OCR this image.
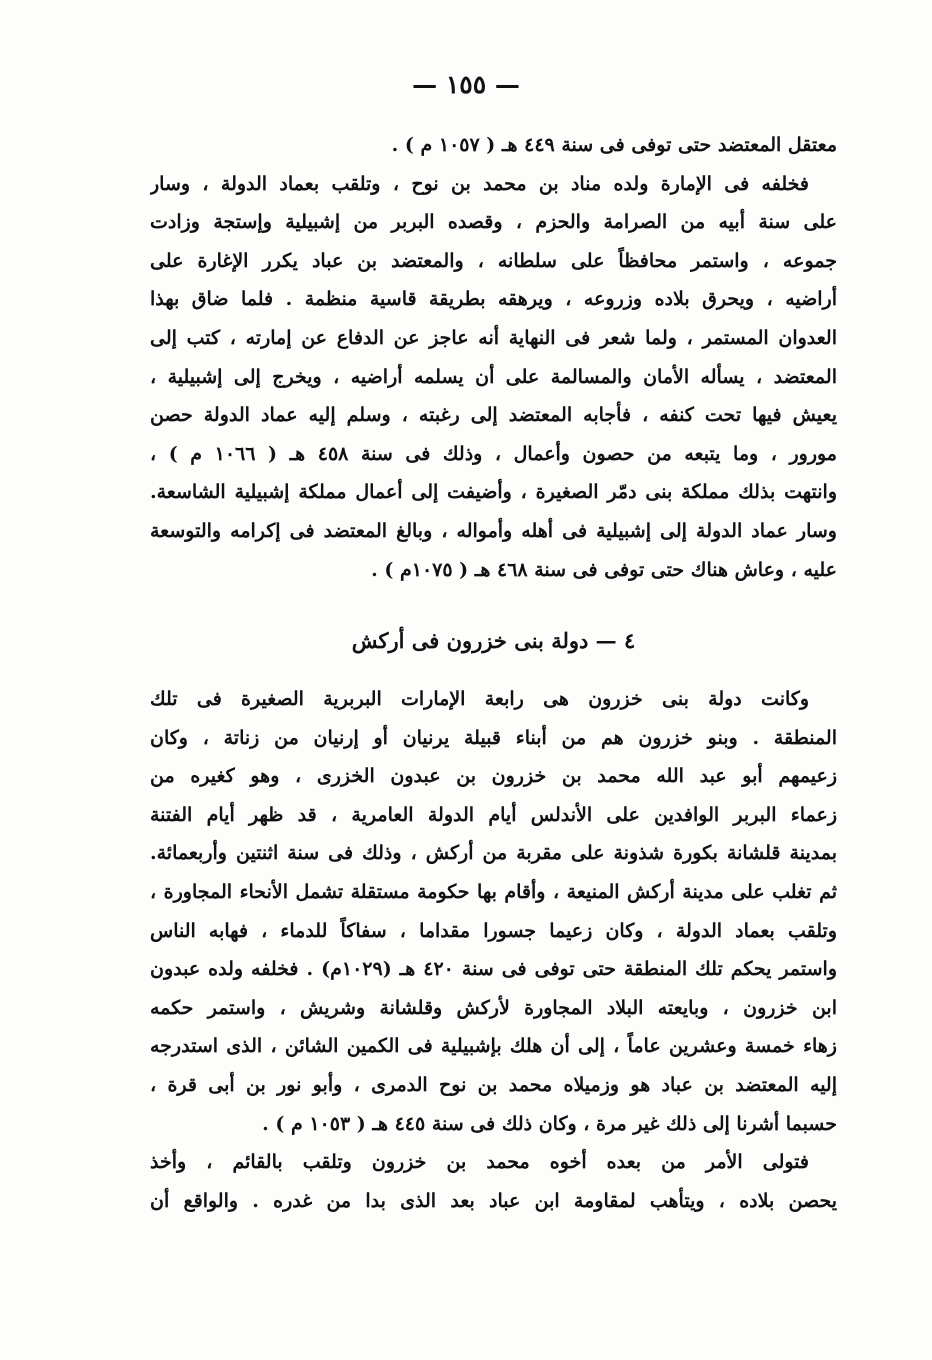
— ١٥٥ —
معتقل المعتضد حتى توفى فى سنة ٤٤٩ هـ ( ١٠٥٧ م ) .
فخلفه فى الإمارة ولده مناد بن محمد بن نوح ، وتلقب بعماد الدولة ، وسار
على سنة أبيه من الصرامة والحزم ، وقصده البربر من إشبيلية وإستجة وزادت
جموعه ، واستمر محافظاً على سلطانه ، والمعتضد بن عباد يكرر الإغارة على
أراضيه ، ويحرق بلاده وزروعه ، ويرهقه بطريقة قاسية منظمة . فلما ضاق بهذا
العدوان المستمر ، ولما شعر فى النهاية أنه عاجز عن الدفاع عن إمارته ، كتب إلى
المعتضد ، يسأله الأمان والمسالمة على أن يسلمه أراضيه ، ويخرج إلى إشبيلية ،
يعيش فيها تحت كنفه ، فأجابه المعتضد إلى رغبته ، وسلم إليه عماد الدولة حصن
مورور ، وما يتبعه من حصون وأعمال ، وذلك فى سنة ٤٥٨ هـ ( ١٠٦٦ م ) ،
وانتهت بذلك مملكة بنى دمّر الصغيرة ، وأضيفت إلى أعمال مملكة إشبيلية الشاسعة.
وسار عماد الدولة إلى إشبيلية فى أهله وأمواله ، وبالغ المعتضد فى إكرامه والتوسعة
عليه ، وعاش هناك حتى توفى فى سنة ٤٦٨ هـ ( ١٠٧٥م ) .
٤ — دولة بنى خزرون فى أركش
وكانت دولة بنى خزرون هى رابعة الإمارات البربرية الصغيرة فى تلك
المنطقة . وبنو خزرون هم من أبناء قبيلة يرنيان أو إرنيان من زناتة ، وكان
زعيمهم أبو عبد الله محمد بن خزرون بن عبدون الخزرى ، وهو كغيره من
زعماء البربر الوافدين على الأندلس أيام الدولة العامرية ، قد ظهر أيام الفتنة
بمدينة قلشانة بكورة شذونة على مقربة من أركش ، وذلك فى سنة اثنتين وأربعمائة.
ثم تغلب على مدينة أركش المنيعة ، وأقام بها حكومة مستقلة تشمل الأنحاء المجاورة ،
وتلقب بعماد الدولة ، وكان زعيما جسورا مقداما ، سفاكاً للدماء ، فهابه الناس
واستمر يحكم تلك المنطقة حتى توفى فى سنة ٤٢٠ هـ (١٠٢٩م) . فخلفه ولده عبدون
ابن خزرون ، وبايعته البلاد المجاورة لأركش وقلشانة وشريش ، واستمر حكمه
زهاء خمسة وعشرين عاماً ، إلى أن هلك بإشبيلية فى الكمين الشائن ، الذى استدرجه
إليه المعتضد بن عباد هو وزميلاه محمد بن نوح الدمرى ، وأبو نور بن أبى قرة ،
حسبما أشرنا إلى ذلك غير مرة ، وكان ذلك فى سنة ٤٤٥ هـ ( ١٠٥٣ م ) .
فتولى الأمر من بعده أخوه محمد بن خزرون وتلقب بالقائم ، وأخذ
يحصن بلاده ، ويتأهب لمقاومة ابن عباد بعد الذى بدا من غدره . والواقع أن
